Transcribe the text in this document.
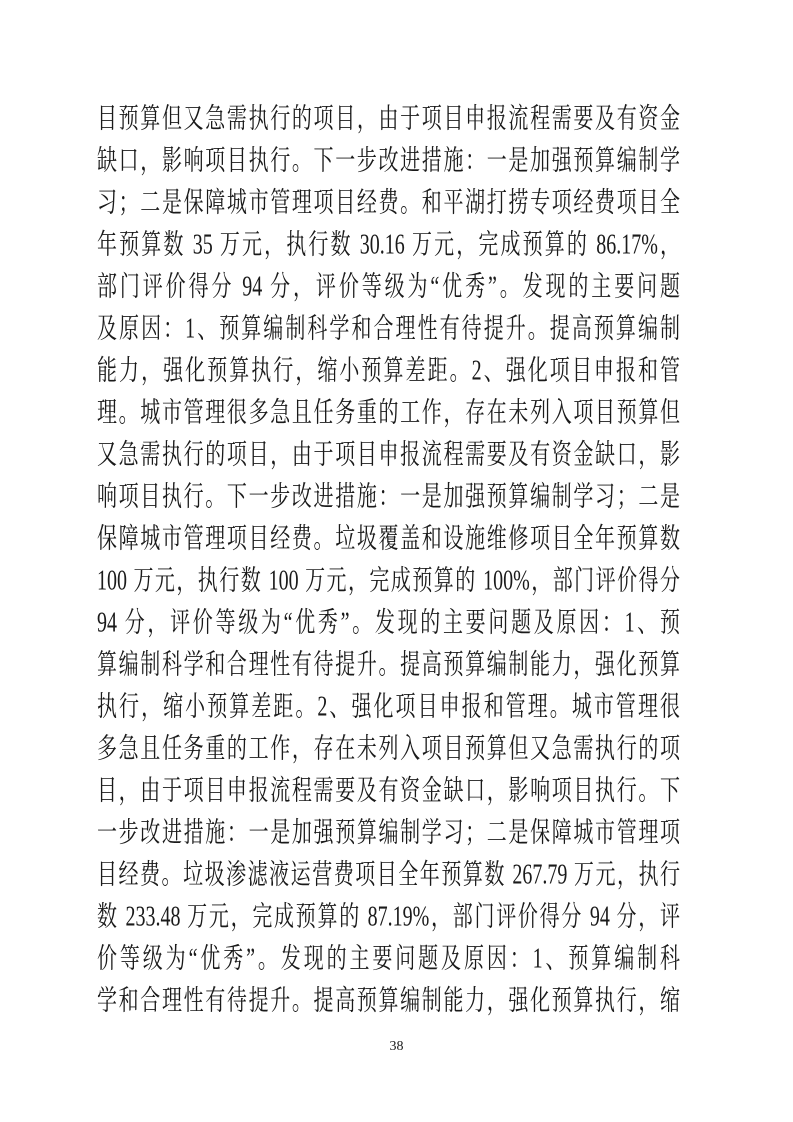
目预算但又急需执行的项目，由于项目申报流程需要及有资金
缺口，影响项目执行。下一步改进措施：一是加强预算编制学
习；二是保障城市管理项目经费。和平湖打捞专项经费项目全
年预算数 35 万元，执行数 30.16 万元，完成预算的 86.17%，
部门评价得分 94 分，评价等级为“优秀”。发现的主要问题
及原因：1、预算编制科学和合理性有待提升。提高预算编制
能力，强化预算执行，缩小预算差距。2、强化项目申报和管
理。城市管理很多急且任务重的工作，存在未列入项目预算但
又急需执行的项目，由于项目申报流程需要及有资金缺口，影
响项目执行。下一步改进措施：一是加强预算编制学习；二是
保障城市管理项目经费。垃圾覆盖和设施维修项目全年预算数
100 万元，执行数 100 万元，完成预算的 100%，部门评价得分
94 分，评价等级为“优秀”。发现的主要问题及原因：1、预
算编制科学和合理性有待提升。提高预算编制能力，强化预算
执行，缩小预算差距。2、强化项目申报和管理。城市管理很
多急且任务重的工作，存在未列入项目预算但又急需执行的项
目，由于项目申报流程需要及有资金缺口，影响项目执行。下
一步改进措施：一是加强预算编制学习；二是保障城市管理项
目经费。垃圾渗滤液运营费项目全年预算数 267.79 万元，执行
数 233.48 万元，完成预算的 87.19%，部门评价得分 94 分，评
价等级为“优秀”。发现的主要问题及原因：1、预算编制科
学和合理性有待提升。提高预算编制能力，强化预算执行，缩
38
